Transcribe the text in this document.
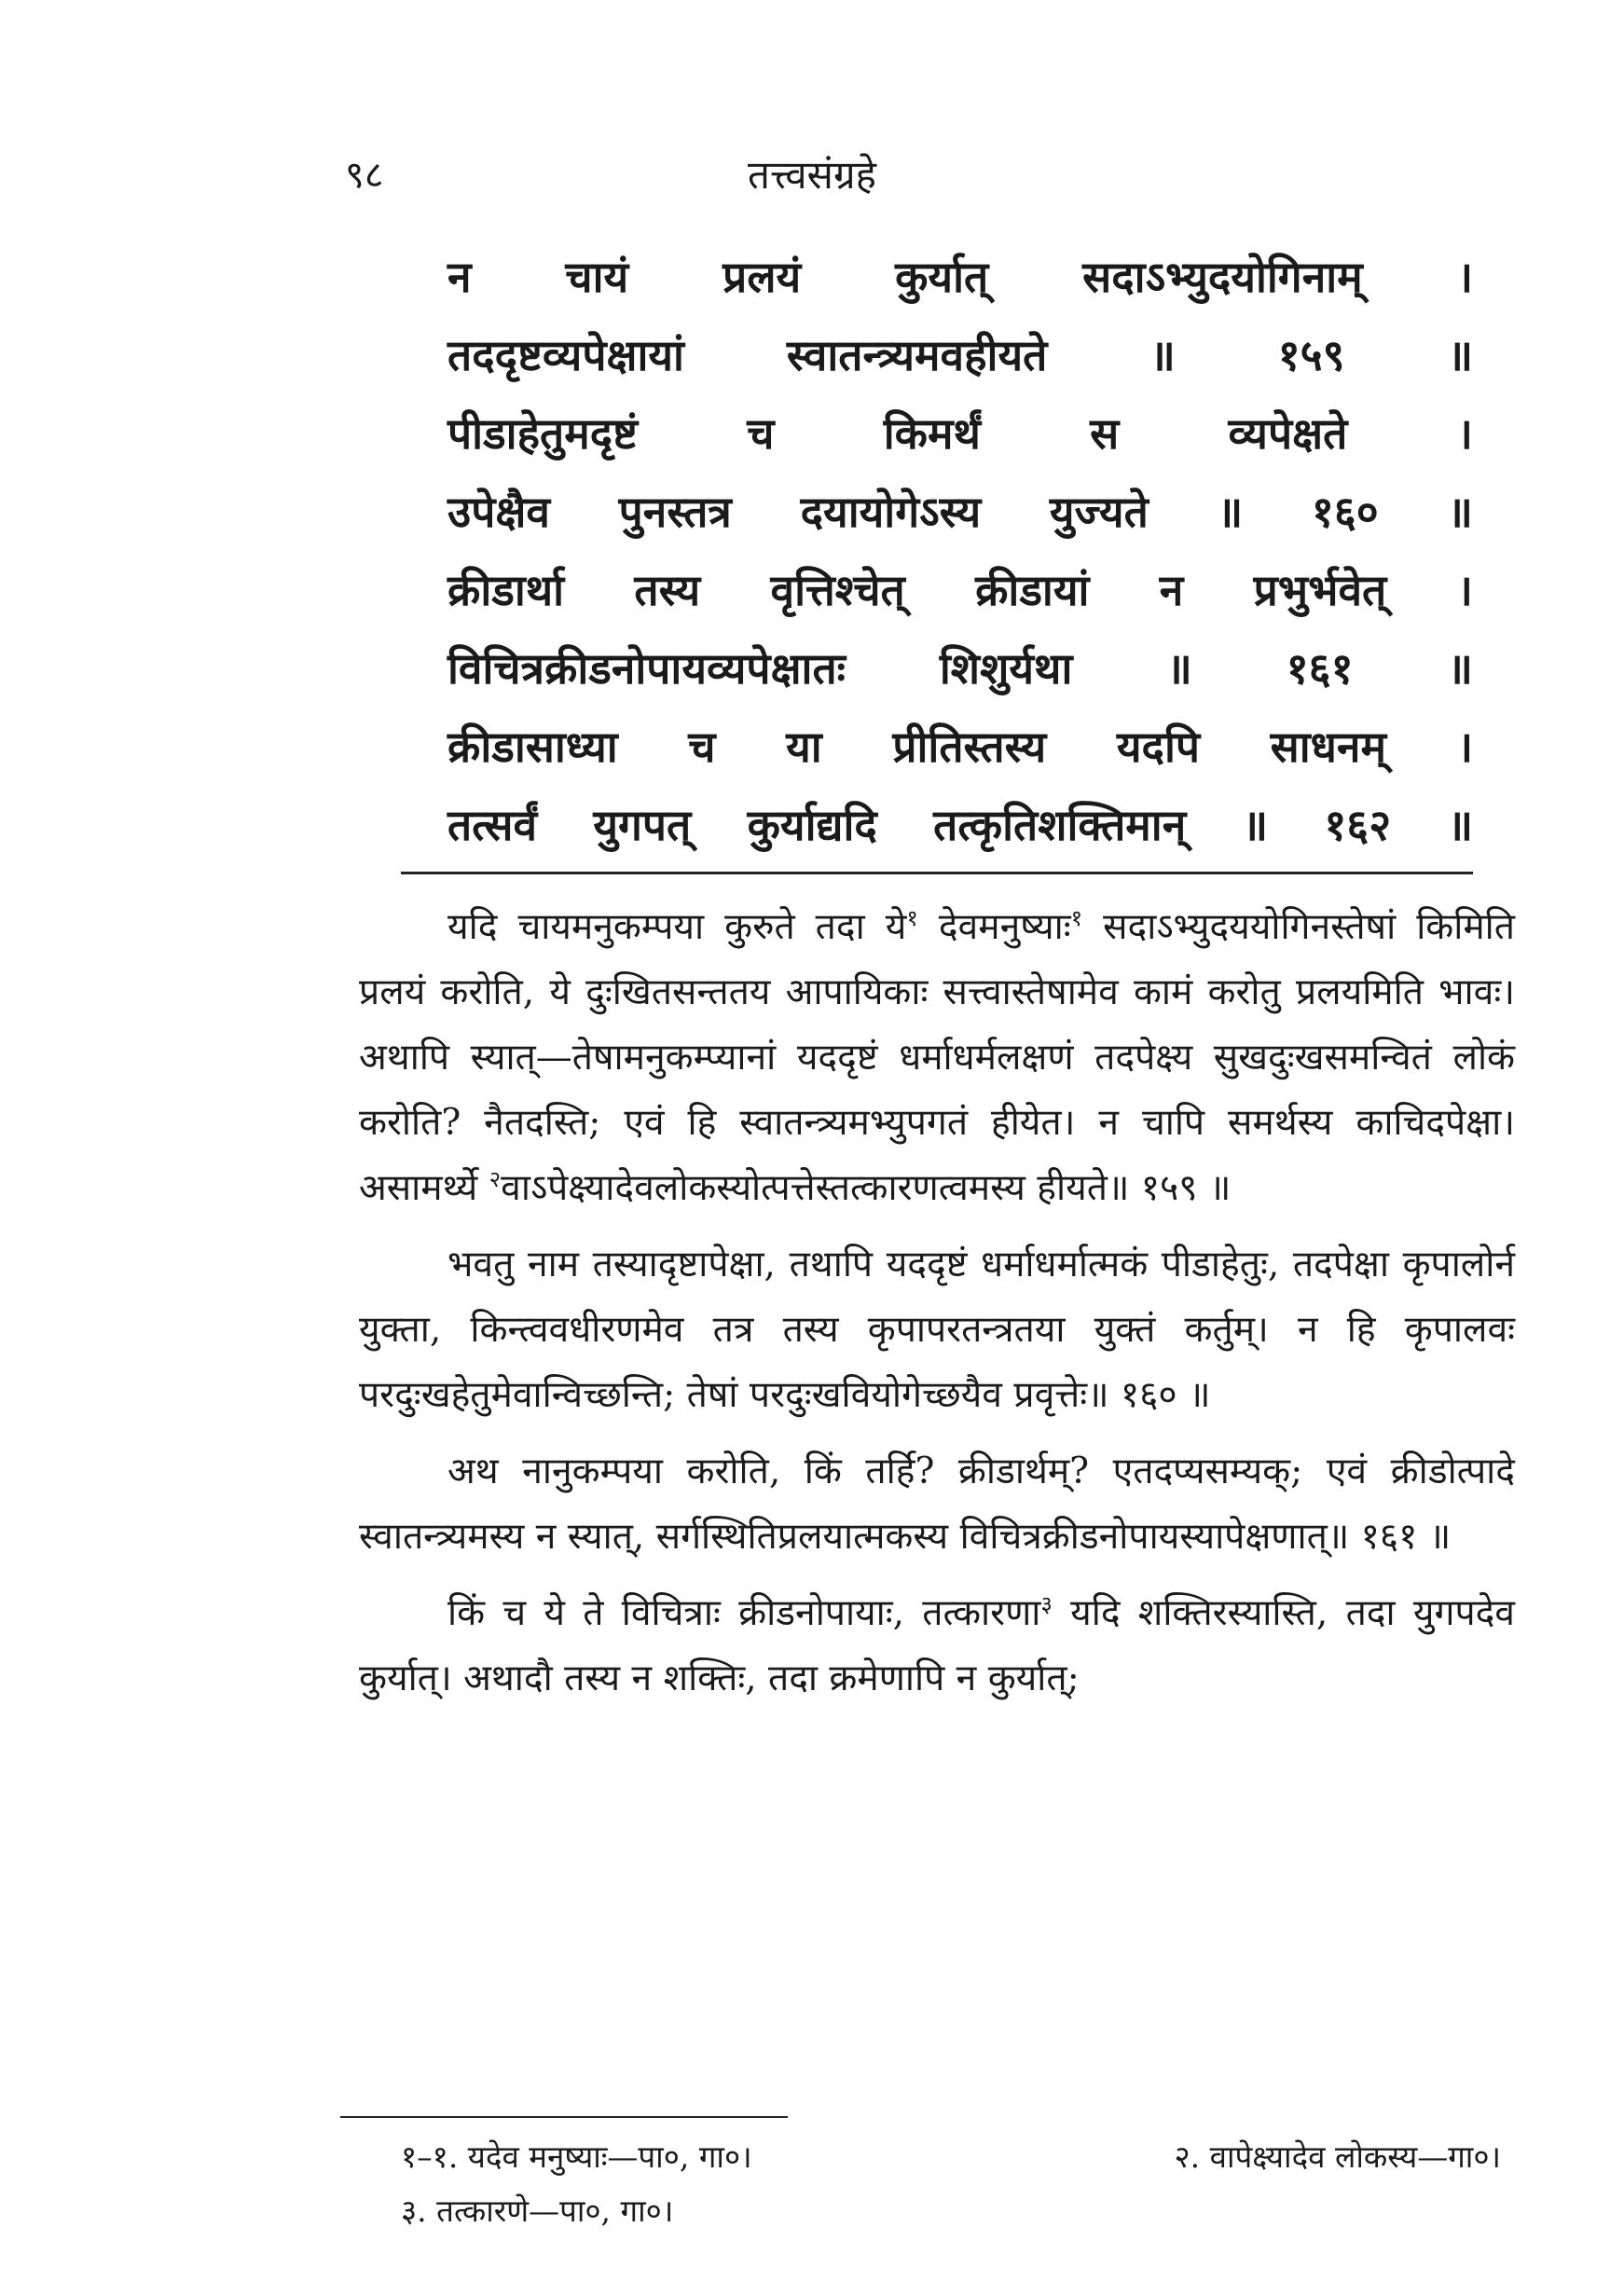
९८	तत्त्वसंग्रहे
न चायं प्रलयं कुर्यात् सदाऽभ्युदयोगिनाम् ।
तददृष्टव्यपेक्षायां स्वातन्त्र्यमवहीयते ॥ १५९ ॥
पीडाहेतुमदृष्टं च किमर्थं स व्यपेक्षते ।
उपेक्षैव पुनस्तत्र दयायोगेऽस्य युज्यते ॥ १६० ॥
क्रीडार्था तस्य वृत्तिश्चेत् क्रीडायां न प्रभुर्भवेत् ।
विचित्रक्रीडनोपायव्यपेक्षातः शिशुर्यथा ॥ १६१ ॥
क्रीडासाध्या च या प्रीतिस्तस्य यदपि साधनम् ।
तत्सर्वं युगपत् कुर्याद्यदि तत्कृतिशक्तिमान् ॥ १६२ ॥

यदि चायमनुकम्पया कुरुते तदा ये$^१$ देवमनुष्याः$^१$ सदाऽभ्युदययोगिनस्तेषां किमिति प्रलयं करोति, ये दुःखितसन्ततय आपायिकाः सत्त्वास्तेषामेव कामं करोतु प्रलयमिति भावः। अथापि स्यात्—तेषामनुकम्प्यानां यददृष्टं धर्माधर्मलक्षणं तदपेक्ष्य सुखदुःखसमन्वितं लोकं करोति? नैतदस्ति; एवं हि स्वातन्त्र्यमभ्युपगतं हीयेत। न चापि समर्थस्य काचिदपेक्षा। असामर्थ्ये $^२$वाऽपेक्ष्यादेवलोकस्योत्पत्तेस्तत्कारणत्वमस्य हीयते॥ १५९ ॥

भवतु नाम तस्यादृष्टापेक्षा, तथापि यददृष्टं धर्माधर्मात्मकं पीडाहेतुः, तदपेक्षा कृपालोर्न युक्ता, किन्त्ववधीरणमेव तत्र तस्य कृपापरतन्त्रतया युक्तं कर्तुम्। न हि कृपालवः परदुःखहेतुमेवान्विच्छन्ति; तेषां परदुःखवियोगेच्छयैव प्रवृत्तेः॥ १६० ॥

अथ नानुकम्पया करोति, किं तर्हि? क्रीडार्थम्? एतदप्यसम्यक्; एवं क्रीडोत्पादे स्वातन्त्र्यमस्य न स्यात्, सर्गस्थितिप्रलयात्मकस्य विचित्रक्रीडनोपायस्यापेक्षणात्॥ १६१ ॥

किं च ये ते विचित्राः क्रीडनोपायाः, तत्कारणा$^३$ यदि शक्तिरस्यास्ति, तदा युगपदेव कुर्यात्। अथादौ तस्य न शक्तिः, तदा क्रमेणापि न कुर्यात्;

१–१. यदेव मनुष्याः—पा०, गा०।	२. वापेक्ष्यादेव लोकस्य—गा०।
३. तत्कारणे—पा०, गा०।
